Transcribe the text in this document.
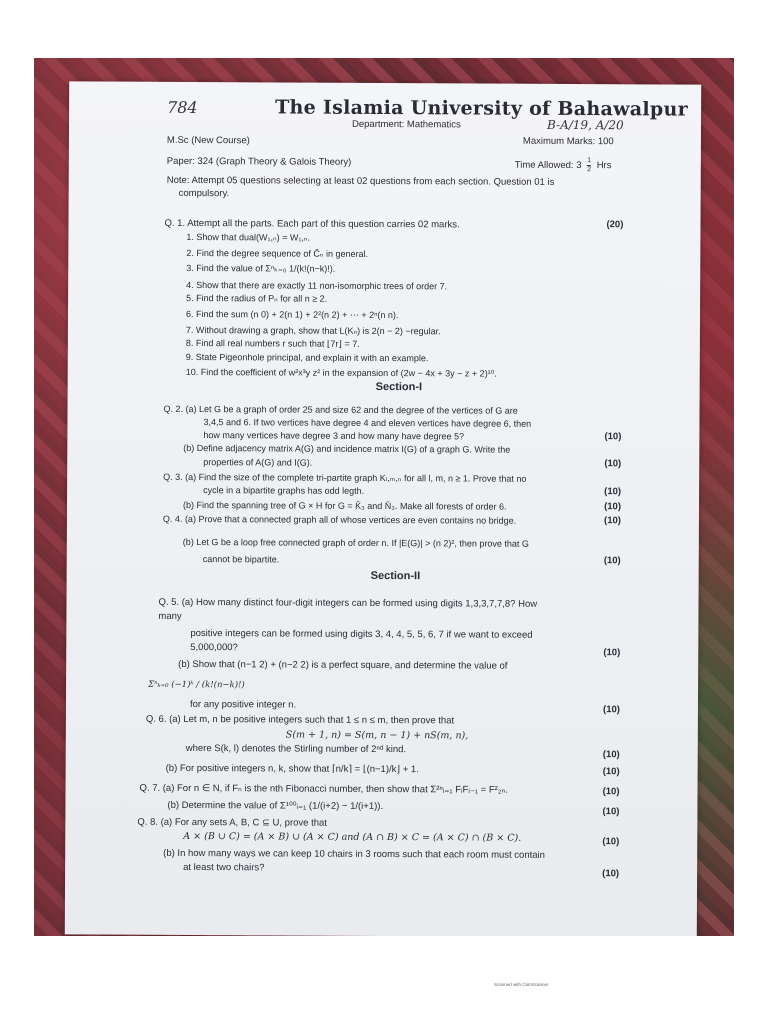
784	The Islamia University of Bahawalpur
Department: Mathematics	B-A/19, A/20
M.Sc (New Course)	Maximum Marks: 100
Paper: 324 (Graph Theory & Galois Theory)	Time Allowed: $3 \frac{1}{2}$ Hrs
Note: Attempt 05 questions selecting at least 02 questions from each section. Question 01 is
compulsory.
Q. 1. Attempt all the parts. Each part of this question carries 02 marks.	(20)
1. Show that dual(W₁,ₙ) = W₁,ₙ.
2. Find the degree sequence of C̄ₙ in general.
3. Find the value of Σⁿₖ₌₀ 1/(k!(n−k)!).
4. Show that there are exactly 11 non-isomorphic trees of order 7.
5. Find the radius of Pₙ for all n ≥ 2.
6. Find the sum (n 0) + 2(n 1) + 2²(n 2) + ⋯ + 2ⁿ(n n).
7. Without drawing a graph, show that L(Kₙ) is 2(n − 2) −regular.
8. Find all real numbers r such that ⌊7r⌋ = 7.
9. State Pigeonhole principal, and explain it with an example.
10. Find the coefficient of w²x³y z² in the expansion of (2w − 4x + 3y − z + 2)¹⁰.
Section-I
Q. 2. (a) Let G be a graph of order 25 and size 62 and the degree of the vertices of G are
3,4,5 and 6. If two vertices have degree 4 and eleven vertices have degree 6, then
how many vertices have degree 3 and how many have degree 5?	(10)
(b) Define adjacency matrix A(G) and incidence matrix I(G) of a graph G. Write the
properties of A(G) and I(G).	(10)
Q. 3. (a) Find the size of the complete tri-partite graph Kₗ,ₘ,ₙ for all l, m, n ≥ 1. Prove that no
cycle in a bipartite graphs has odd legth.	(10)
(b) Find the spanning tree of G × H for G = K̄₃ and N̄₃. Make all forests of order 6.	(10)
Q. 4. (a) Prove that a connected graph all of whose vertices are even contains no bridge.	(10)
(b) Let G be a loop free connected graph of order n. If |E(G)| > (n 2)², then prove that G
cannot be bipartite.	(10)
Section-II
Q. 5. (a) How many distinct four-digit integers can be formed using digits 1,3,3,7,7,8? How
many
positive integers can be formed using digits 3, 4, 4, 5, 5, 6, 7 if we want to exceed
5,000,000?	(10)
(b) Show that (n−1 2) + (n−2 2) is a perfect square, and determine the value of
Σⁿₖ₌₀ (−1)ᵏ / (k!(n−k)!)
for any positive integer n.	(10)
Q. 6. (a) Let m, n be positive integers such that 1 ≤ n ≤ m, then prove that
S(m + 1, n) = S(m, n − 1) + nS(m, n),
where S(k, l) denotes the Stirling number of 2ⁿᵈ kind.	(10)
(b) For positive integers n, k, show that ⌈n/k⌉ = ⌊(n−1)/k⌋ + 1.	(10)
Q. 7. (a) For n ∈ N, if Fₙ is the nth Fibonacci number, then show that Σ²ⁿᵢ₌₁ FᵢFᵢ₋₁ = F²₂ₙ.	(10)
(b) Determine the value of Σ¹⁰⁰ᵢ₌₁ (1/(i+2) − 1/(i+1)).	(10)
Q. 8. (a) For any sets A, B, C ⊆ U, prove that
A × (B ∪ C) = (A × B) ∪ (A × C) and (A ∩ B) × C = (A × C) ∩ (B × C).	(10)
(b) In how many ways we can keep 10 chairs in 3 rooms such that each room must contain
at least two chairs?
(10)
Scanned with CamScanner
